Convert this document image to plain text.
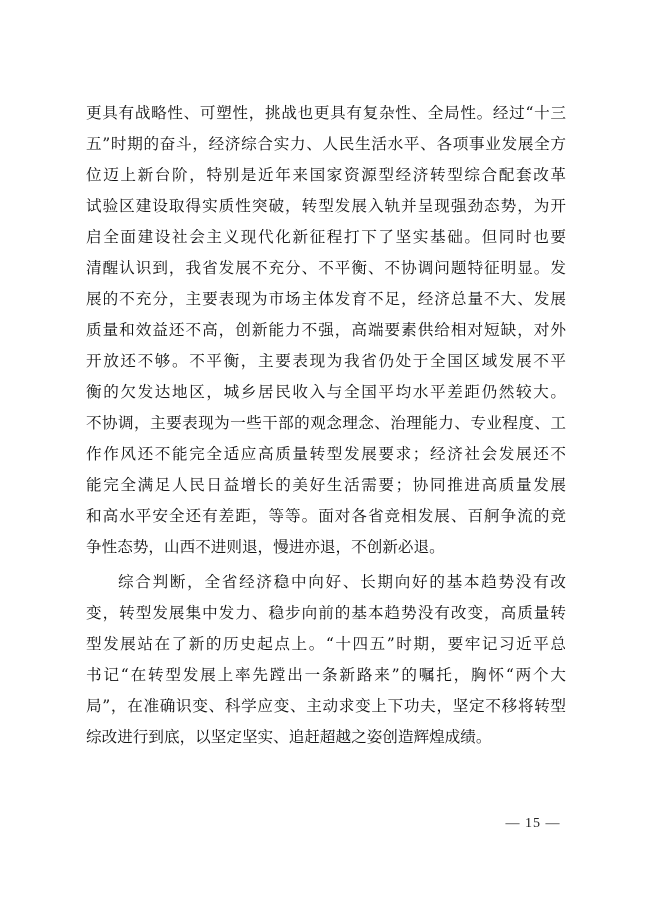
更具有战略性、可塑性，挑战也更具有复杂性、全局性。经过“十三
五”时期的奋斗，经济综合实力、人民生活水平、各项事业发展全方
位迈上新台阶，特别是近年来国家资源型经济转型综合配套改革
试验区建设取得实质性突破，转型发展入轨并呈现强劲态势，为开
启全面建设社会主义现代化新征程打下了坚实基础。但同时也要
清醒认识到，我省发展不充分、不平衡、不协调问题特征明显。发
展的不充分，主要表现为市场主体发育不足，经济总量不大、发展
质量和效益还不高，创新能力不强，高端要素供给相对短缺，对外
开放还不够。不平衡，主要表现为我省仍处于全国区域发展不平
衡的欠发达地区，城乡居民收入与全国平均水平差距仍然较大。
不协调，主要表现为一些干部的观念理念、治理能力、专业程度、工
作作风还不能完全适应高质量转型发展要求；经济社会发展还不
能完全满足人民日益增长的美好生活需要；协同推进高质量发展
和高水平安全还有差距，等等。面对各省竞相发展、百舸争流的竞
争性态势，山西不进则退，慢进亦退，不创新必退。
综合判断，全省经济稳中向好、长期向好的基本趋势没有改
变，转型发展集中发力、稳步向前的基本趋势没有改变，高质量转
型发展站在了新的历史起点上。“十四五”时期，要牢记习近平总
书记“在转型发展上率先蹚出一条新路来”的嘱托，胸怀“两个大
局”，在准确识变、科学应变、主动求变上下功夫，坚定不移将转型
综改进行到底，以坚定坚实、追赶超越之姿创造辉煌成绩。
— 15 —
